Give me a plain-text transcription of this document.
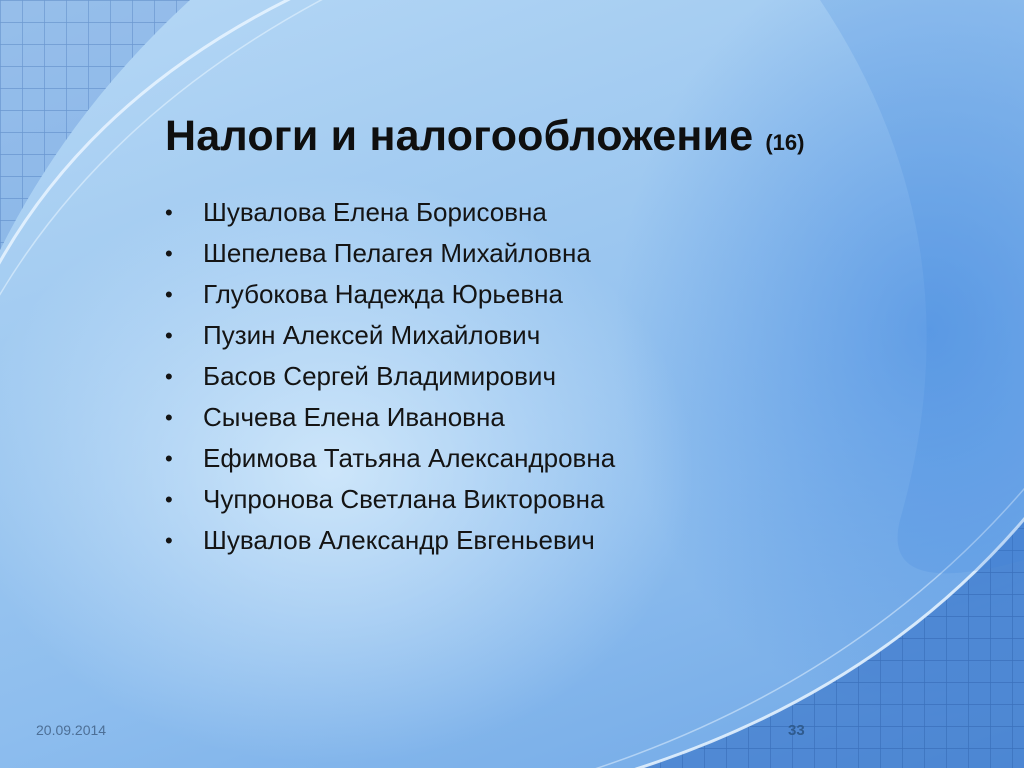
Налоги и налогообложение (16)
•	Шувалова Елена Борисовна
•	Шепелева Пелагея Михайловна
•	Глубокова Надежда Юрьевна
•	Пузин Алексей Михайлович
•	Басов Сергей Владимирович
•	Сычева Елена Ивановна
•	Ефимова Татьяна Александровна
•	Чупронова Светлана Викторовна
•	Шувалов Александр Евгеньевич
20.09.2014	33
